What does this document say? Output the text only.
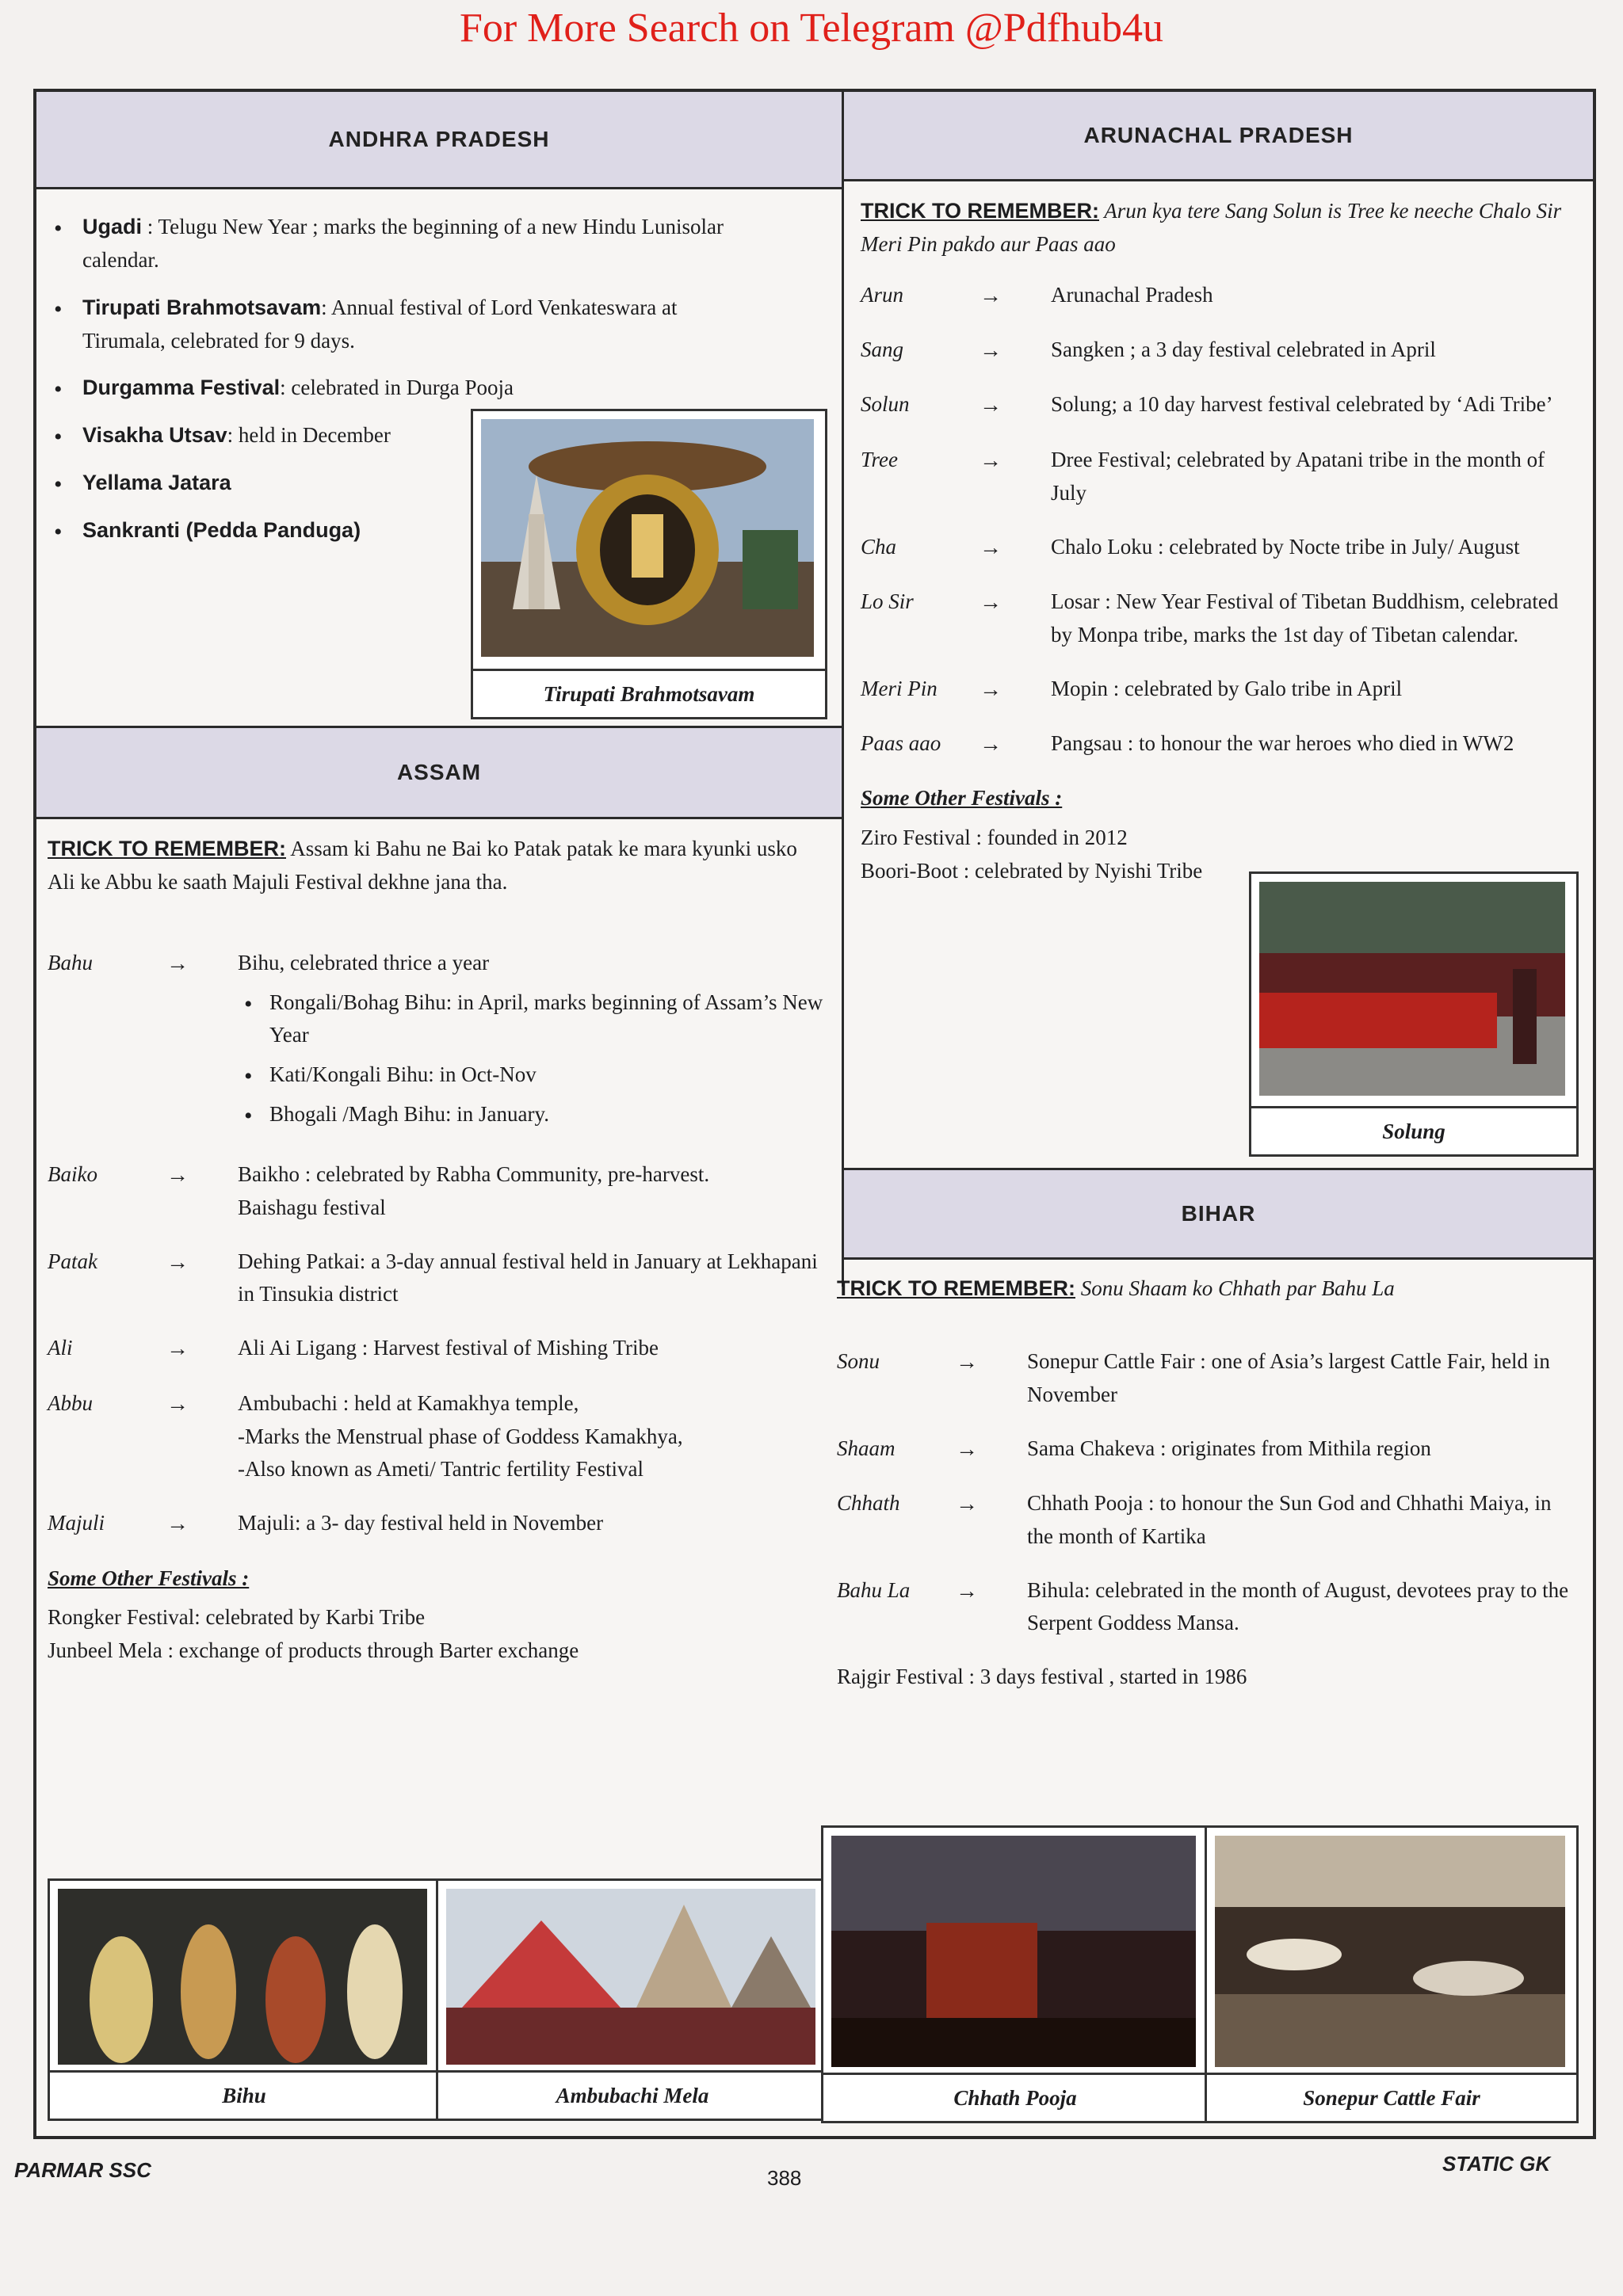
For More Search on Telegram @Pdfhub4u
ANDHRA PRADESH
• Ugadi : Telugu New Year ; marks the beginning of a new Hindu Lunisolar calendar.
• Tirupati Brahmotsavam: Annual festival of Lord Venkateswara at Tirumala, celebrated for 9 days.
• Durgamma Festival: celebrated in Durga Pooja
• Visakha Utsav: held in December
• Yellama Jatara
• Sankranti (Pedda Panduga)
Tirupati Brahmotsavam
ARUNACHAL PRADESH

TRICK TO REMEMBER: Arun kya tere Sang Solun is Tree ke neeche Chalo Sir Meri Pin pakdo aur Paas aao

Arun	→	Arunachal Pradesh
Sang	→	Sangken ; a 3 day festival celebrated in April
Solun	→	Solung; a 10 day harvest festival celebrated by ‘Adi Tribe’
Tree	→	Dree Festival; celebrated by Apatani tribe in the month of July
Cha	→	Chalo Loku : celebrated by Nocte tribe in July/ August
Lo Sir	→	Losar : New Year Festival of Tibetan Buddhism, celebrated by Monpa tribe, marks the 1st day of Tibetan calendar.
Meri Pin	→	Mopin : celebrated by Galo tribe in April
Paas aao	→	Pangsau : to honour the war heroes who died in WW2

Some Other Festivals :

Ziro Festival : founded in 2012
Boori-Boot : celebrated by Nyishi Tribe
Solung
ASSAM

TRICK TO REMEMBER: Assam ki Bahu ne Bai ko Patak patak ke mara kyunki usko Ali ke Abbu ke saath Majuli Festival dekhne jana tha.

Bahu	→	Bihu, celebrated thrice a year
• Rongali/Bohag Bihu: in April, marks beginning of Assam’s New Year
• Kati/Kongali Bihu: in Oct-Nov
• Bhogali /Magh Bihu: in January.
Baiko	→	Baikho : celebrated by Rabha Community, pre-harvest.
Baishagu festival
Patak	→	Dehing Patkai: a 3-day annual festival held in January at Lekhapani in Tinsukia district
Ali	→	Ali Ai Ligang : Harvest festival of Mishing Tribe
Abbu	→	Ambubachi : held at Kamakhya temple,
-Marks the Menstrual phase of Goddess Kamakhya,
-Also known as Ameti/ Tantric fertility Festival
Majuli	→	Majuli: a 3- day festival held in November

Some Other Festivals :

Rongker Festival: celebrated by Karbi Tribe
Junbeel Mela : exchange of products through Barter exchange
Bihu	Ambubachi Mela
BIHAR

TRICK TO REMEMBER: Sonu Shaam ko Chhath par Bahu La

Sonu	→	Sonepur Cattle Fair : one of Asia’s largest Cattle Fair, held in November
Shaam	→	Sama Chakeva : originates from Mithila region
Chhath	→	Chhath Pooja : to honour the Sun God and Chhathi Maiya, in the month of Kartika
Bahu La	→	Bihula: celebrated in the month of August, devotees pray to the Serpent Goddess Mansa.
Rajgir Festival : 3 days festival , started in 1986
Chhath Pooja	Sonepur Cattle Fair
PARMAR SSC	388
STATIC GK
